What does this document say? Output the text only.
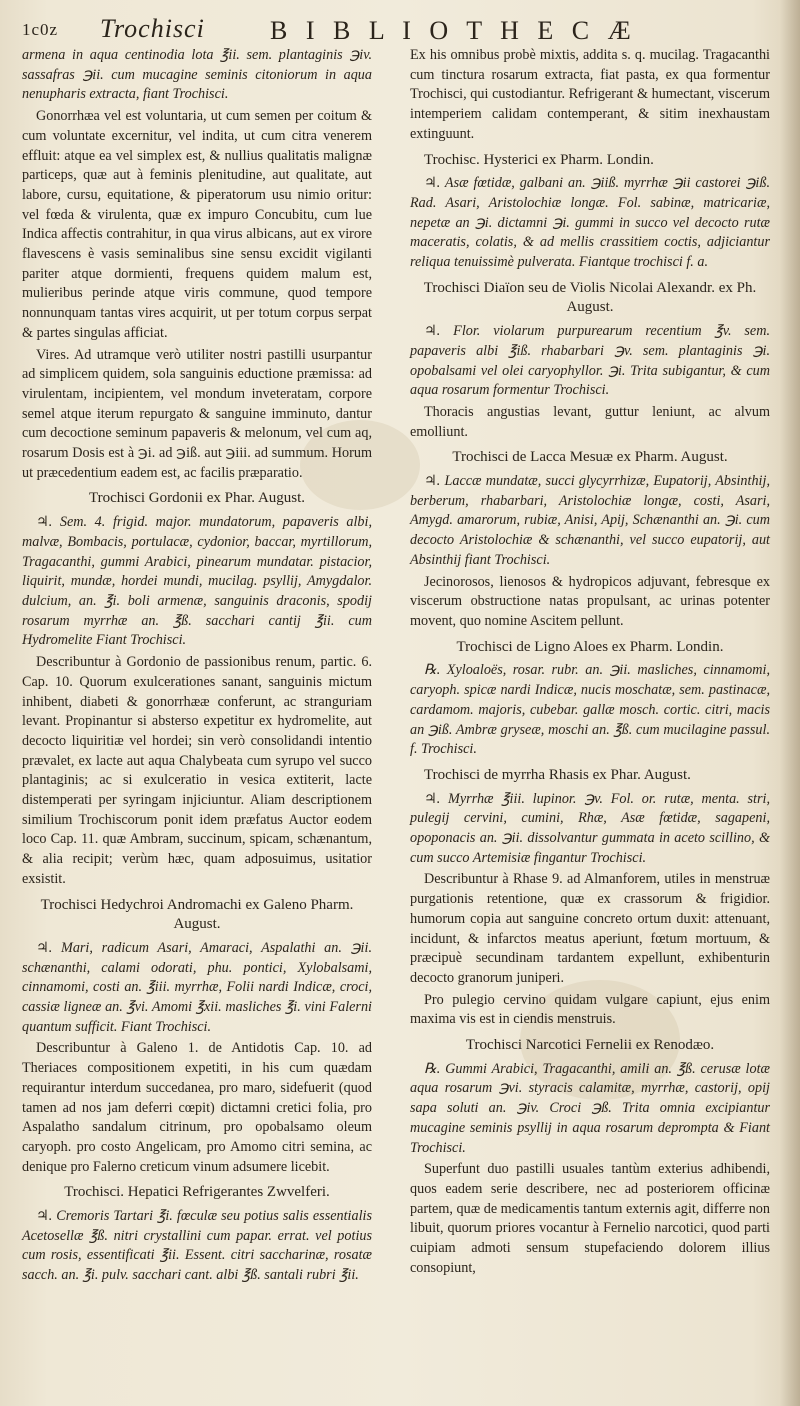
1c0z Trochisci	B I B L I O T H E C Æ

armena in aqua centinodia lota ℥ii. sem. plantaginis ℈iv. sassafras ℈ii. cum mucagine seminis citoniorum in aqua nenupharis extracta, fiant Trochisci.

Gonorrhæa vel est voluntaria, ut cum semen per coitum & cum voluntate excernitur, vel indita, ut cum citra venerem effluit: atque ea vel simplex est, & nullius qualitatis malignæ particeps, quæ aut à feminis plenitudine, aut qualitate, aut labore, cursu, equitatione, & piperatorum usu nimio oritur: vel fœda & virulenta, quæ ex impuro Concubitu, cum lue Indica affectis contrahitur, in qua virus albicans, aut ex virore flavescens è vasis seminalibus sine sensu excidit vigilanti pariter atque dormienti, frequens quidem malum est, mulieribus perinde atque viris commune, quod tempore nonnunquam tantas vires acquirit, ut per totum corpus serpat & partes singulas afficiat.

Vires. Ad utramque verò utiliter nostri pastilli usurpantur ad simplicem quidem, sola sanguinis eductione præmissa: ad virulentam, incipientem, vel mondum inveteratam, corpore semel atque iterum repurgato & sanguine imminuto, dantur cum decoctione seminum papaveris & melonum, vel cum aq, rosarum Dosis est à ℈i. ad ℈iß. aut ℈iii. ad summum. Horum ut præcedentium eadem est, ac facilis præparatio.

Trochisci Gordonii ex Phar. August.

♃. Sem. 4. frigid. major. mundatorum, papaveris albi, malvæ, Bombacis, portulacæ, cydonior, baccar, myrtillorum, Tragacanthi, gummi Arabici, pinearum mundatar. pistacior, liquirit, mundæ, hordei mundi, mucilag. psyllij, Amygdalor. dulcium, an. ℥i. boli armenæ, sanguinis draconis, spodij rosarum myrrhæ an. ℥ß. sacchari cantij ℥ii. cum Hydromelite Fiant Trochisci.

Describuntur à Gordonio de passionibus renum, partic. 6. Cap. 10. Quorum exulcerationes sanant, sanguinis mictum inhibent, diabeti & gonorrhææ conferunt, ac stranguriam levant. Propinantur si absterso expetitur ex hydromelite, aut decocto liquiritiæ vel hordei; sin verò consolidandi intentio prævalet, ex lacte aut aqua Chalybeata cum syrupo vel succo plantaginis; ac si exulceratio in vesica extiterit, lacte distemperati per syringam injiciuntur. Aliam descriptionem similium Trochiscorum ponit idem præfatus Auctor eodem loco Cap. 11. quæ Ambram, succinum, spicam, schænantum, & alia recipit; verùm hæc, quam adposuimus, usitatior exsistit.

Trochisci Hedychroi Andromachi ex Galeno Pharm. August.

♃. Mari, radicum Asari, Amaraci, Aspalathi an. ℈ii. schænanthi, calami odorati, phu. pontici, Xylobalsami, cinnamomi, costi an. ℥iii. myrrhæ, Folii nardi Indicæ, croci, cassiæ ligneæ an. ℥vi. Amomi ℥xii. masliches ℥i. vini Falerni quantum sufficit. Fiant Trochisci.

Describuntur à Galeno 1. de Antidotis Cap. 10. ad Theriaces compositionem expetiti, in his cum quædam requirantur interdum succedanea, pro maro, sidefuerit (quod tamen ad nos jam deferri cœpit) dictamni cretici folia, pro Aspalatho sandalum citrinum, pro opobalsamo oleum caryoph. pro costo Angelicam, pro Amomo citri semina, ac denique pro Falerno creticum vinum adsumere licebit.

Trochisci. Hepatici Refrigerantes Zwvelferi.

♃. Cremoris Tartari ℥i. fœculæ seu potius salis essentialis Acetosellæ ℥ß. nitri crystallini cum papar. errat. vel potius cum rosis, essentificati ℥ii. Essent. citri saccharinæ, rosatæ sacch. an. ℥i. pulv. sacchari cant. albi ℥ß. santali rubri ℥ii.

Ex his omnibus probè mixtis, addita s. q. mucilag. Tragacanthi cum tinctura rosarum extracta, fiat pasta, ex qua formentur Trochisci, qui custodiantur. Refrigerant & humectant, viscerum intemperiem calidam contemperant, & sitim inexhaustam extinguunt.

Trochisc. Hysterici ex Pharm. Londin.

♃. Asæ fœtidæ, galbani an. ℈iiß. myrrhæ ℈ii castorei ℈iß. Rad. Asari, Aristolochiæ longæ. Fol. sabinæ, matricariæ, nepetæ an ℈i. dictamni ℈i. gummi in succo vel decocto rutæ maceratis, colatis, & ad mellis crassitiem coctis, adjiciantur reliqua tenuissimè pulverata. Fiantque trochisci f. a.

Trochisci Diaïon seu de Violis Nicolai Alexandr. ex Ph. August.

♃. Flor. violarum purpurearum recentium ℥v. sem. papaveris albi ℥iß. rhabarbari ℈v. sem. plantaginis ℈i. opobalsami vel olei caryophyllor. ℈i. Trita subigantur, & cum aqua rosarum formentur Trochisci.

Thoracis angustias levant, guttur leniunt, ac alvum emolliunt.

Trochisci de Lacca Mesuæ ex Pharm. August.

♃. Laccæ mundatæ, succi glycyrrhizæ, Eupatorij, Absinthij, berberum, rhabarbari, Aristolochiæ longæ, costi, Asari, Amygd. amarorum, rubiæ, Anisi, Apij, Schænanthi an. ℈i. cum decocto Aristolochiæ & schænanthi, vel succo eupatorij, aut Absinthij fiant Trochisci.

Jecinorosos, lienosos & hydropicos adjuvant, febresque ex viscerum obstructione natas propulsant, ac urinas potenter movent, quo nomine Ascitem pellunt.

Trochisci de Ligno Aloes ex Pharm. Londin.

℞. Xyloaloës, rosar. rubr. an. ℈ii. masliches, cinnamomi, caryoph. spicæ nardi Indicæ, nucis moschatæ, sem. pastinacæ, cardamom. majoris, cubebar. gallæ mosch. cortic. citri, macis an ℈iß. Ambræ gryseæ, moschi an. ℥ß. cum mucilagine passul. f. Trochisci.

Trochisci de myrrha Rhasis ex Phar. August.

♃. Myrrhæ ℥iii. lupinor. ℈v. Fol. or. rutæ, menta. stri, pulegij cervini, cumini, Rhæ, Asæ fœtidæ, sagapeni, opoponacis an. ℈ii. dissolvantur gummata in aceto scillino, & cum succo Artemisiæ fingantur Trochisci.

Describuntur à Rhase 9. ad Almanforem, utiles in menstruæ purgationis retentione, quæ ex crassorum & frigidior. humorum copia aut sanguine concreto ortum duxit: attenuant, incidunt, & infarctos meatus aperiunt, fœtum mortuum, & præcipuè secundinam tardantem expellunt, exhibenturin decocto granorum juniperi.

Pro pulegio cervino quidam vulgare capiunt, ejus enim maxima vis est in ciendis menstruis.

Trochisci Narcotici Fernelii ex Renodæo.

℞. Gummi Arabici, Tragacanthi, amili an. ℥ß. cerusæ lotæ aqua rosarum ℈vi. styracis calamitæ, myrrhæ, castorij, opij sapa soluti an. ℈iv. Croci ℈ß. Trita omnia excipiantur mucagine seminis psyllij in aqua rosarum deprompta & Fiant Trochisci.

Superfunt duo pastilli usuales tantùm exterius adhibendi, quos eadem serie describere, nec ad posteriorem officinæ partem, quæ de medicamentis tantum externis agit, differre non libuit, quorum priores vocantur à Fernelio narcotici, quod parti cuipiam admoti sensum stupefaciendo dolorem illius consopiunt,
